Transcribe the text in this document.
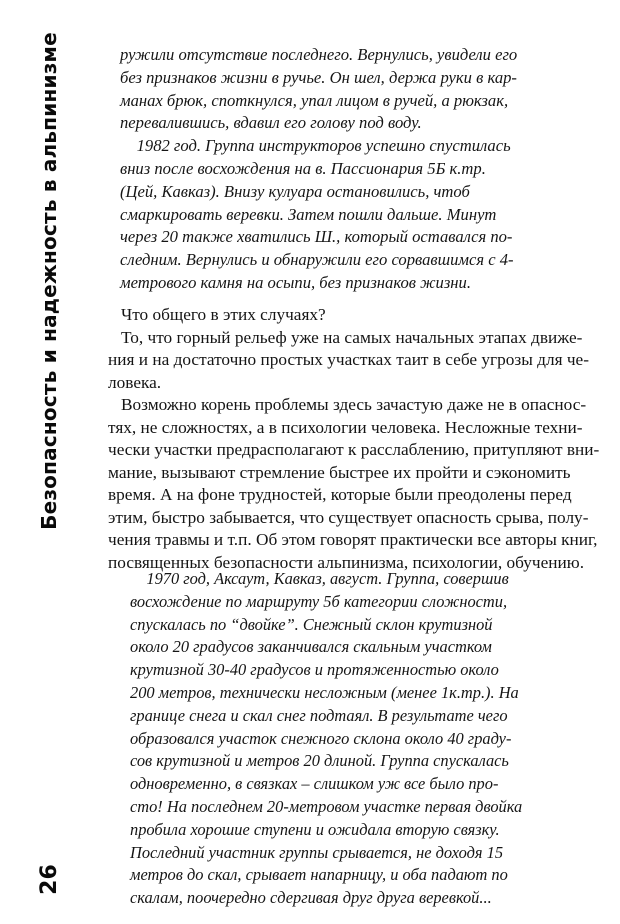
Безопасность и надежность в альпинизме	ружили отсутствие последнего. Вернулись, увидели его
без признаков жизни в ручье. Он шел, держа руки в кар-
манах брюк, споткнулся, упал лицом в ручей, а рюкзак,
перевалившись, вдавил его голову под воду.
1982 год. Группа инструкторов успешно спустилась
вниз после восхождения на в. Пассионария 5Б к.тр.
(Цей, Кавказ). Внизу кулуара остановились, чтоб
смаркировать веревки. Затем пошли дальше. Минут
через 20 также хватились Ш., который оставался по-
следним. Вернулись и обнаружили его сорвавшимся с 4-
метрового камня на осыпи, без признаков жизни.
Что общего в этих случаях?
То, что горный рельеф уже на самых начальных этапах движе-
ния и на достаточно простых участках таит в себе угрозы для че-
ловека.
Возможно корень проблемы здесь зачастую даже не в опаснос-
тях, не сложностях, а в психологии человека. Несложные техни-
чески участки предрасполагают к расслаблению, притупляют вни-
мание, вызывают стремление быстрее их пройти и сэкономить
время. А на фоне трудностей, которые были преодолены перед
этим, быстро забывается, что существует опасность срыва, полу-
чения травмы и т.п. Об этом говорят практически все авторы книг,
посвященных безопасности альпинизма, психологии, обучению.
1970 год, Аксаут, Кавказ, август. Группа, совершив
восхождение по маршруту 5б категории сложности,
спускалась по “двойке”. Снежный склон крутизной
около 20 градусов заканчивался скальным участком
крутизной 30-40 градусов и протяженностью около
200 метров, технически несложным (менее 1к.тр.). На
границе снега и скал снег подтаял. В результате чего
образовался участок снежного склона около 40 граду-
сов крутизной и метров 20 длиной. Группа спускалась
одновременно, в связках – слишком уж все было про-
сто! На последнем 20-метровом участке первая двойка
пробила хорошие ступени и ожидала вторую связку.
Последний участник группы срывается, не доходя 15
метров до скал, срывает напарницу, и оба падают по
скалам, поочередно сдергивая друг друга веревкой...
26
